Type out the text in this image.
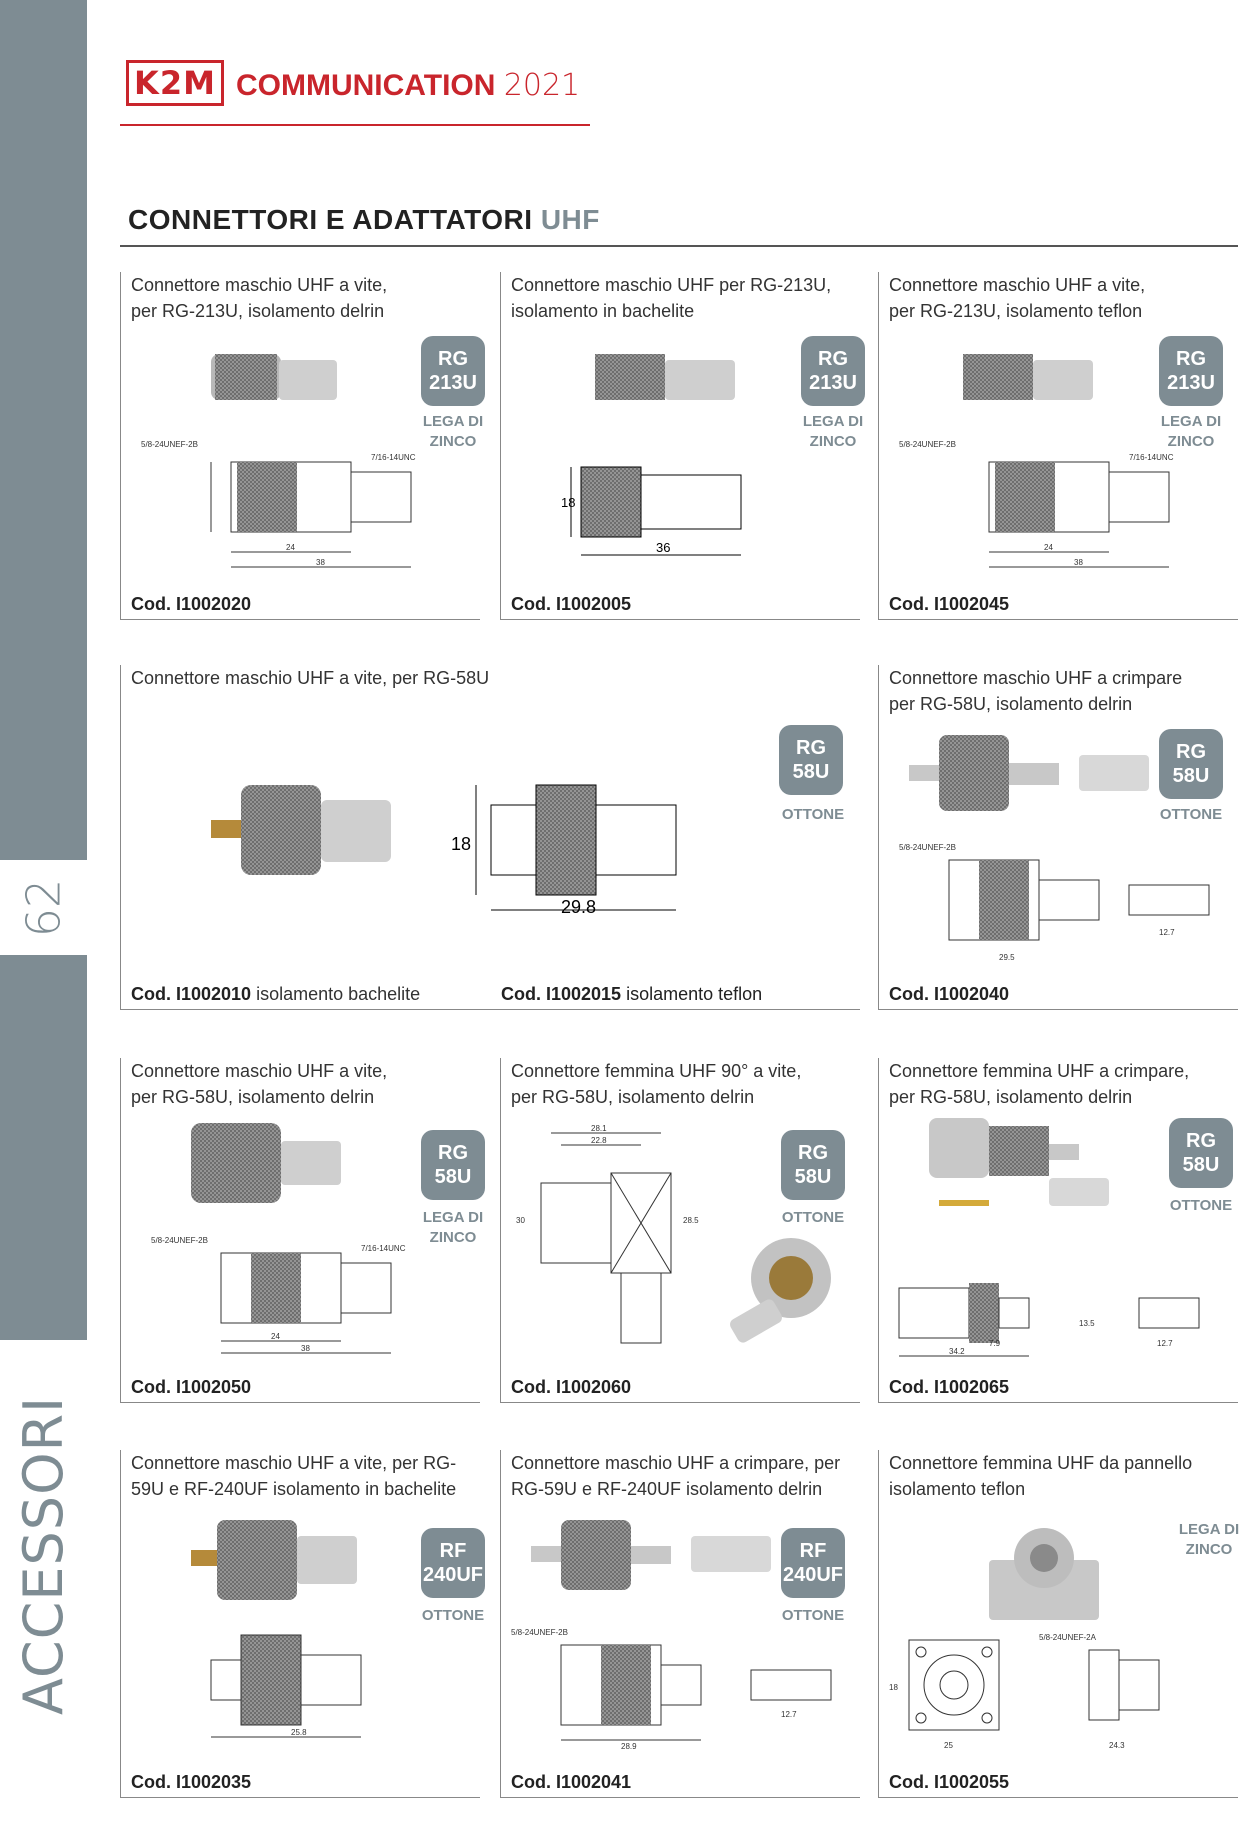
62
ACCESSORI
K2M COMMUNICATION 2021
CONNETTORI E ADATTATORI UHF
Connettore maschio UHF a vite,
per RG-213U, isolamento delrin
RG
213U
LEGA DI
ZINCO
5/8-24UNEF-2B
7/16-14UNC
24
38
Cod. I1002020
Connettore maschio UHF per RG-213U,
isolamento in bachelite
RG
213U
LEGA DI
ZINCO
18
36
Cod. I1002005
Connettore maschio UHF a vite,
per RG-213U, isolamento teflon
RG
213U
LEGA DI
ZINCO
5/8-24UNEF-2B
7/16-14UNC
24
38
Cod. I1002045
Connettore maschio UHF a vite, per RG-58U
18
29.8
RG
58U
OTTONE
Cod. I1002010 isolamento bachelite	Cod. I1002015 isolamento teflon
Connettore maschio UHF a crimpare
per RG-58U, isolamento delrin
RG
58U
OTTONE
5/8-24UNEF-2B
12.7
29.5
Cod. I1002040
Connettore maschio UHF a vite,
per RG-58U, isolamento delrin
RG
58U
LEGA DI
ZINCO
5/8-24UNEF-2B
7/16-14UNC
24
38
Cod. I1002050
Connettore femmina UHF 90° a vite,
per RG-58U, isolamento delrin
28.1
22.8
30	28.5
RG
58U
OTTONE
Cod. I1002060
Connettore femmina UHF a crimpare,
per RG-58U, isolamento delrin
RG
58U
OTTONE
34.2
7.9
13.5
12.7
Cod. I1002065
Connettore maschio UHF a vite, per RG-
59U e RF-240UF isolamento in bachelite
RF
240UF
OTTONE
25.8
Cod. I1002035
Connettore maschio UHF a crimpare, per
RG-59U e RF-240UF isolamento delrin
RF
240UF
OTTONE
5/8-24UNEF-2B
12.7
28.9
Cod. I1002041
Connettore femmina UHF da pannello
isolamento teflon
LEGA DI
ZINCO
5/8-24UNEF-2A
18
25	24.3
Cod. I1002055
